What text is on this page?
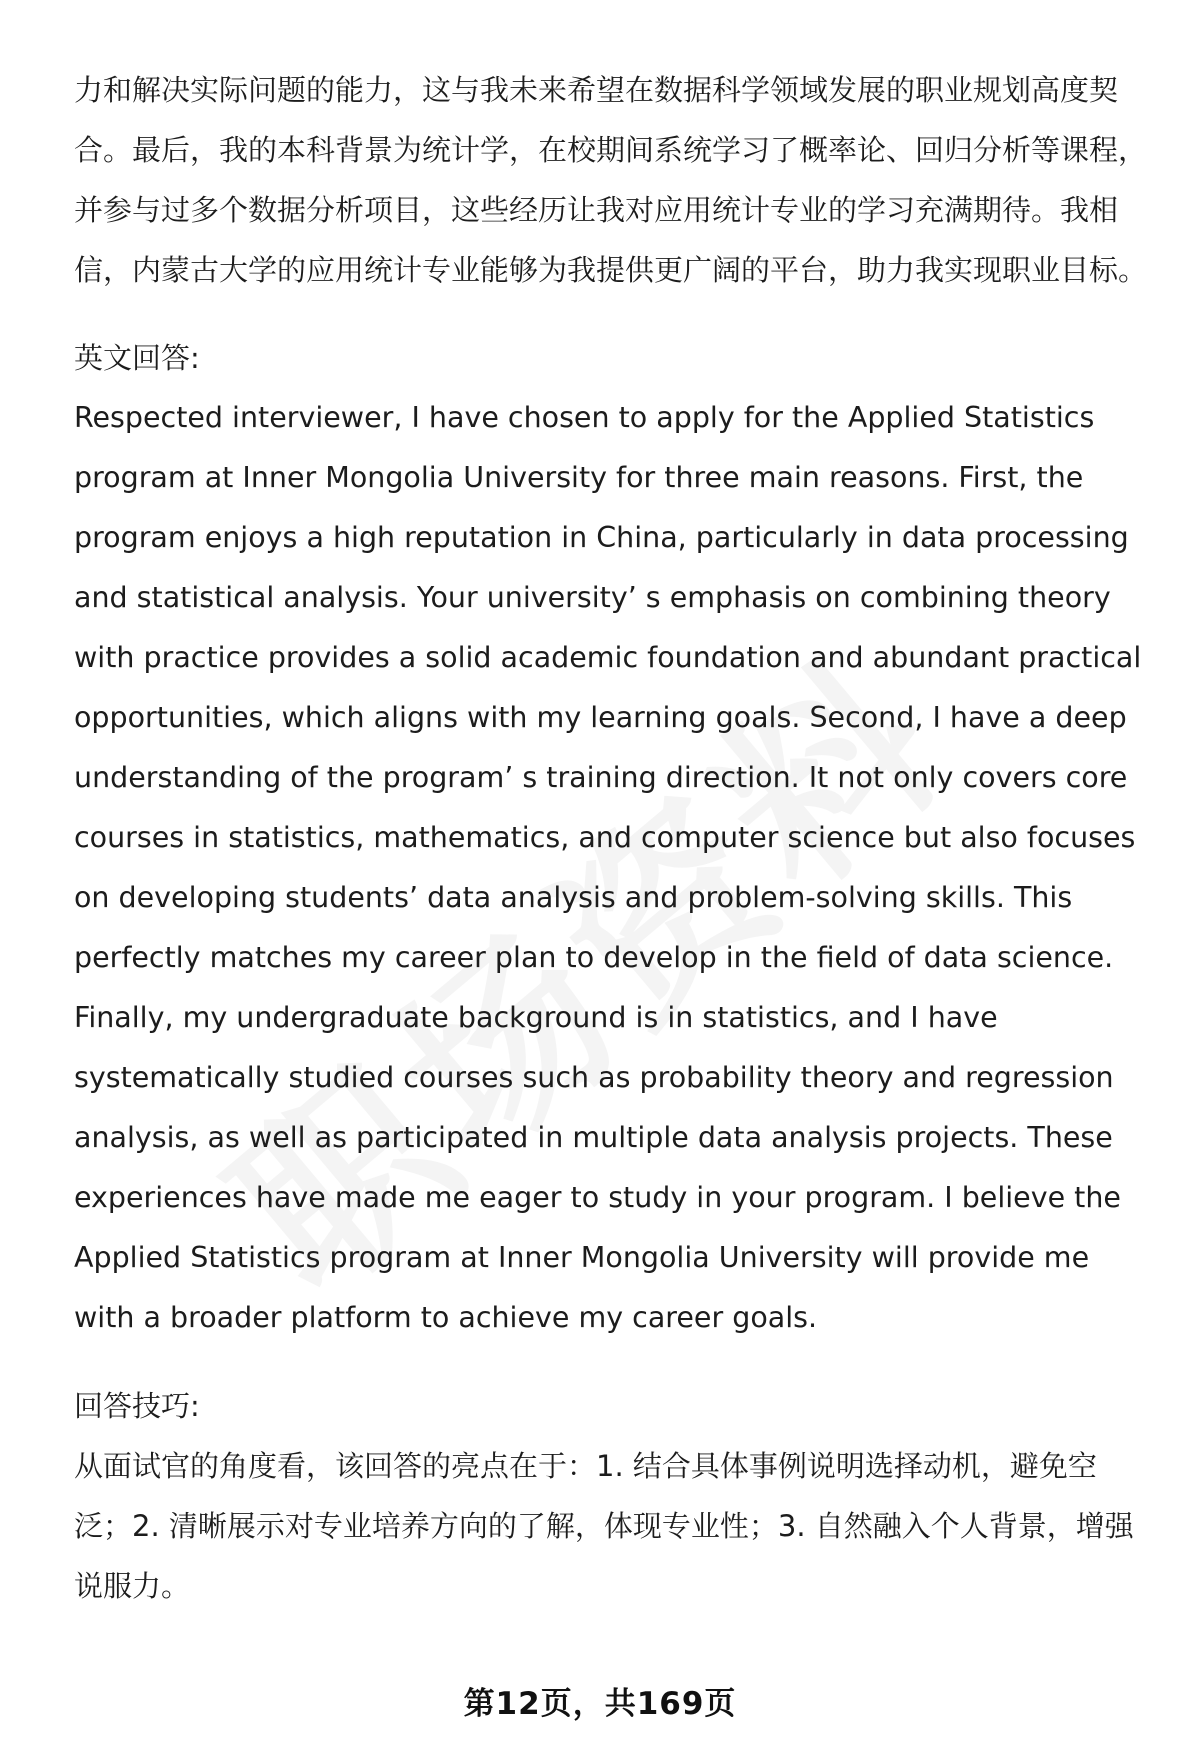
力和解决实际问题的能力，这与我未来希望在数据科学领域发展的职业规划高度契合。最后，我的本科背景为统计学，在校期间系统学习了概率论、回归分析等课程，并参与过多个数据分析项目，这些经历让我对应用统计专业的学习充满期待。我相信，内蒙古大学的应用统计专业能够为我提供更广阔的平台，助力我实现职业目标。

英文回答:

Respected interviewer, I have chosen to apply for the Applied Statistics program at Inner Mongolia University for three main reasons. First, the program enjoys a high reputation in China, particularly in data processing and statistical analysis. Your university’ s emphasis on combining theory with practice provides a solid academic foundation and abundant practical opportunities, which aligns with my learning goals. Second, I have a deep understanding of the program’ s training direction. It not only covers core courses in statistics, mathematics, and computer science but also focuses on developing students’ data analysis and problem-solving skills. This perfectly matches my career plan to develop in the field of data science. Finally, my undergraduate background is in statistics, and I have systematically studied courses such as probability theory and regression analysis, as well as participated in multiple data analysis projects. These experiences have made me eager to study in your program. I believe the Applied Statistics program at Inner Mongolia University will provide me with a broader platform to achieve my career goals.

回答技巧:

从面试官的角度看，该回答的亮点在于：1. 结合具体事例说明选择动机，避免空泛；2. 清晰展示对专业培养方向的了解，体现专业性；3. 自然融入个人背景，增强说服力。

第12页，共169页
